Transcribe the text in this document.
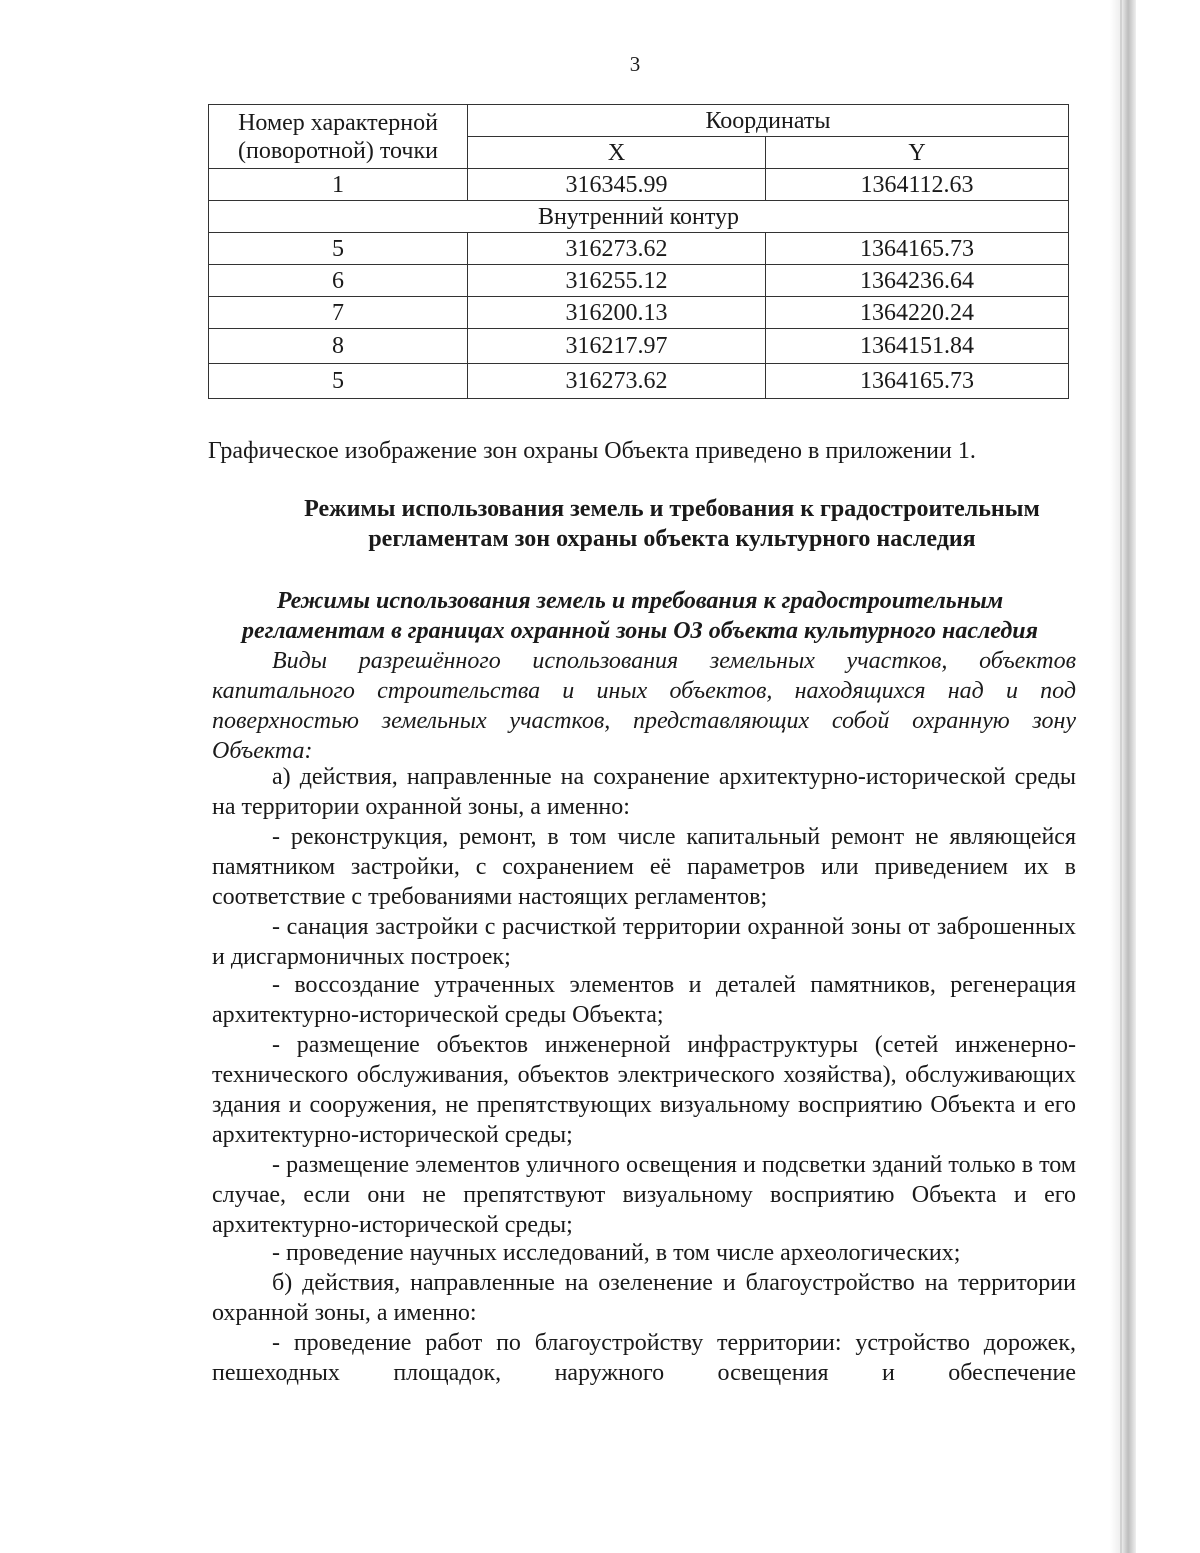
3
Номер характерной
(поворотной) точки	Координаты	
	X	Y
1	316345.99	1364112.63
Внутренний контур		
5	316273.62	1364165.73
6	316255.12	1364236.64
7	316200.13	1364220.24
8	316217.97	1364151.84
5	316273.62	1364165.73
Графическое изображение зон охраны Объекта приведено в приложении 1.
Режимы использования земель и требования к градостроительным
регламентам зон охраны объекта культурного наследия
Режимы использования земель и требования к градостроительным
регламентам в границах охранной зоны ОЗ объекта культурного наследия
Виды разрешённого использования земельных участков, объектов капитального строительства и иных объектов, находящихся над и под поверхностью земельных участков, представляющих собой охранную зону Объекта:
а) действия, направленные на сохранение архитектурно-исторической среды на территории охранной зоны, а именно:
- реконструкция, ремонт, в том числе капитальный ремонт не являющейся памятником застройки, с сохранением её параметров или приведением их в соответствие с требованиями настоящих регламентов;
- санация застройки с расчисткой территории охранной зоны от заброшенных и дисгармоничных построек;
- воссоздание утраченных элементов и деталей памятников, регенерация архитектурно-исторической среды Объекта;
- размещение объектов инженерной инфраструктуры (сетей инженерно-технического обслуживания, объектов электрического хозяйства), обслуживающих здания и сооружения, не препятствующих визуальному восприятию Объекта и его архитектурно-исторической среды;
- размещение элементов уличного освещения и подсветки зданий только в том случае, если они не препятствуют визуальному восприятию Объекта и его архитектурно-исторической среды;
- проведение научных исследований, в том числе археологических;
б) действия, направленные на озеленение и благоустройство на территории охранной зоны, а именно:
- проведение работ по благоустройству территории: устройство дорожек, пешеходных площадок, наружного освещения и обеспечение
